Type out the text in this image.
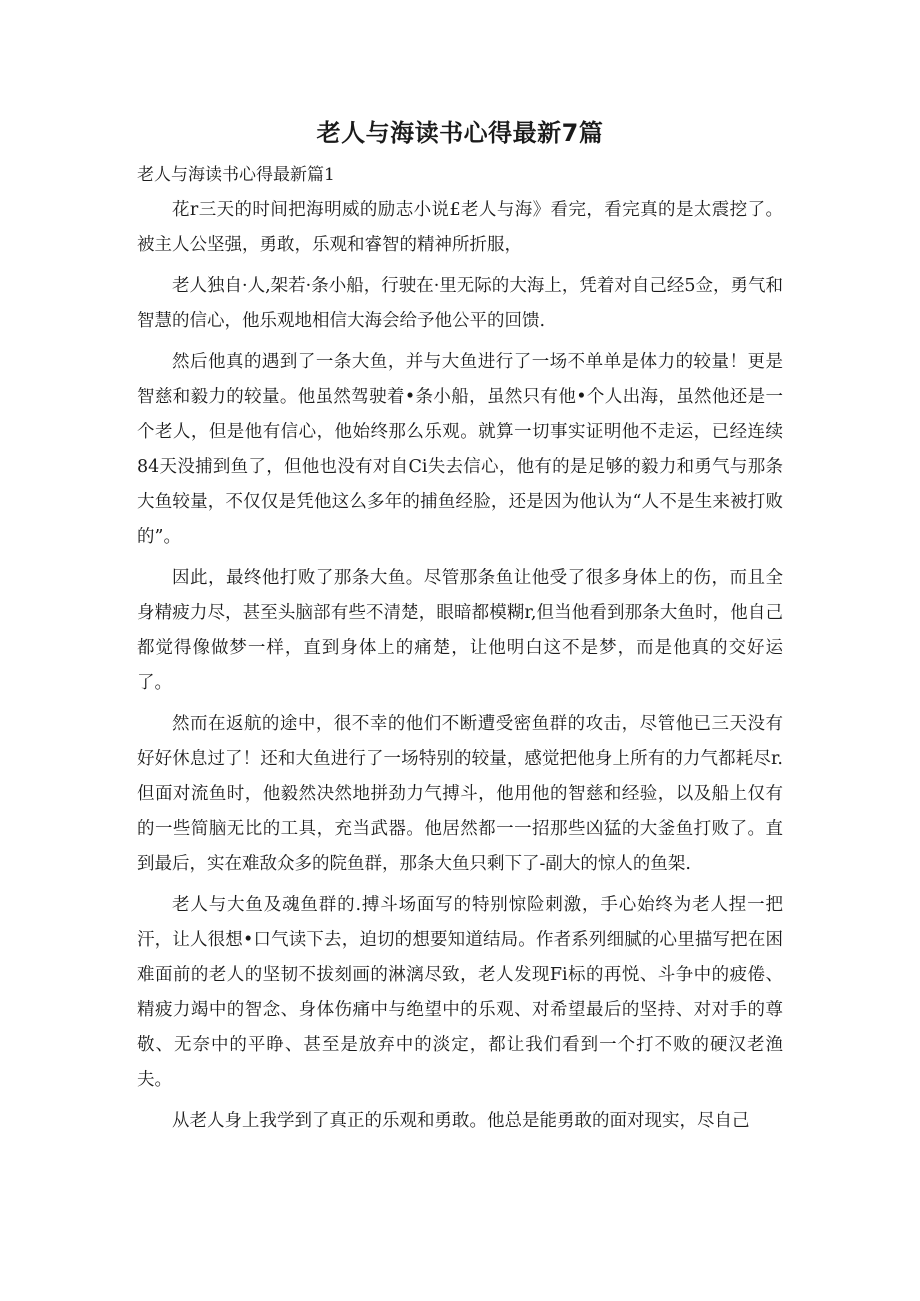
老人与海读书心得最新7篇

老人与海读书心得最新篇1

花r三天的时间把海明威的励志小说£老人与海》看完，看完真的是太震挖了。被主人公坚强，勇敢，乐观和睿智的精神所折服，

老人独自·人,架若·条小船，行驶在·里无际的大海上，凭着对自己经5佥，勇气和智慧的信心，他乐观地相信大海会给予他公平的回馈.

然后他真的遇到了一条大鱼，并与大鱼进行了一场不单单是体力的较量！更是智慈和毅力的较量。他虽然驾驶着•条小船，虽然只有他•个人出海，虽然他还是一个老人，但是他有信心，他始终那么乐观。就算一切事实证明他不走运，已经连续84天没捕到鱼了，但他也没有对自Ci失去信心，他有的是足够的毅力和勇气与那条大鱼较量，不仅仅是凭他这么多年的捕鱼经脸，还是因为他认为“人不是生来被打败的”。

因此，最终他打败了那条大鱼。尽管那条鱼让他受了很多身体上的伤，而且全身精疲力尽，甚至头脑部有些不清楚，眼暗都模糊r,但当他看到那条大鱼时，他自己都觉得像做梦一样，直到身体上的痛楚，让他明白这不是梦，而是他真的交好运了。

然而在返航的途中，很不幸的他们不断遭受密鱼群的攻击，尽管他已三天没有好好休息过了！还和大鱼进行了一场特别的较量，感觉把他身上所有的力气都耗尽r.但面对流鱼时，他毅然决然地拼劲力气搏斗，他用他的智慈和经验，以及船上仅有的一些简脑无比的工具，充当武器。他居然都一一招那些凶猛的大釜鱼打败了。直到最后，实在难敌众多的院鱼群，那条大鱼只剩下了-副大的惊人的鱼架.

老人与大鱼及魂鱼群的.搏斗场面写的特别惊险刺激，手心始终为老人捏一把汗，让人很想•口气读下去，迫切的想要知道结局。作者系列细腻的心里描写把在困难面前的老人的坚韧不拔刻画的淋漓尽致，老人发现Fi标的再悦、斗争中的疲倦、精疲力竭中的智念、身体伤痛中与绝望中的乐观、对希望最后的坚持、对对手的尊敬、无奈中的平睁、甚至是放弃中的淡定，都让我们看到一个打不败的硬汉老渔夫。

从老人身上我学到了真正的乐观和勇敢。他总是能勇敢的面对现实，尽自己
